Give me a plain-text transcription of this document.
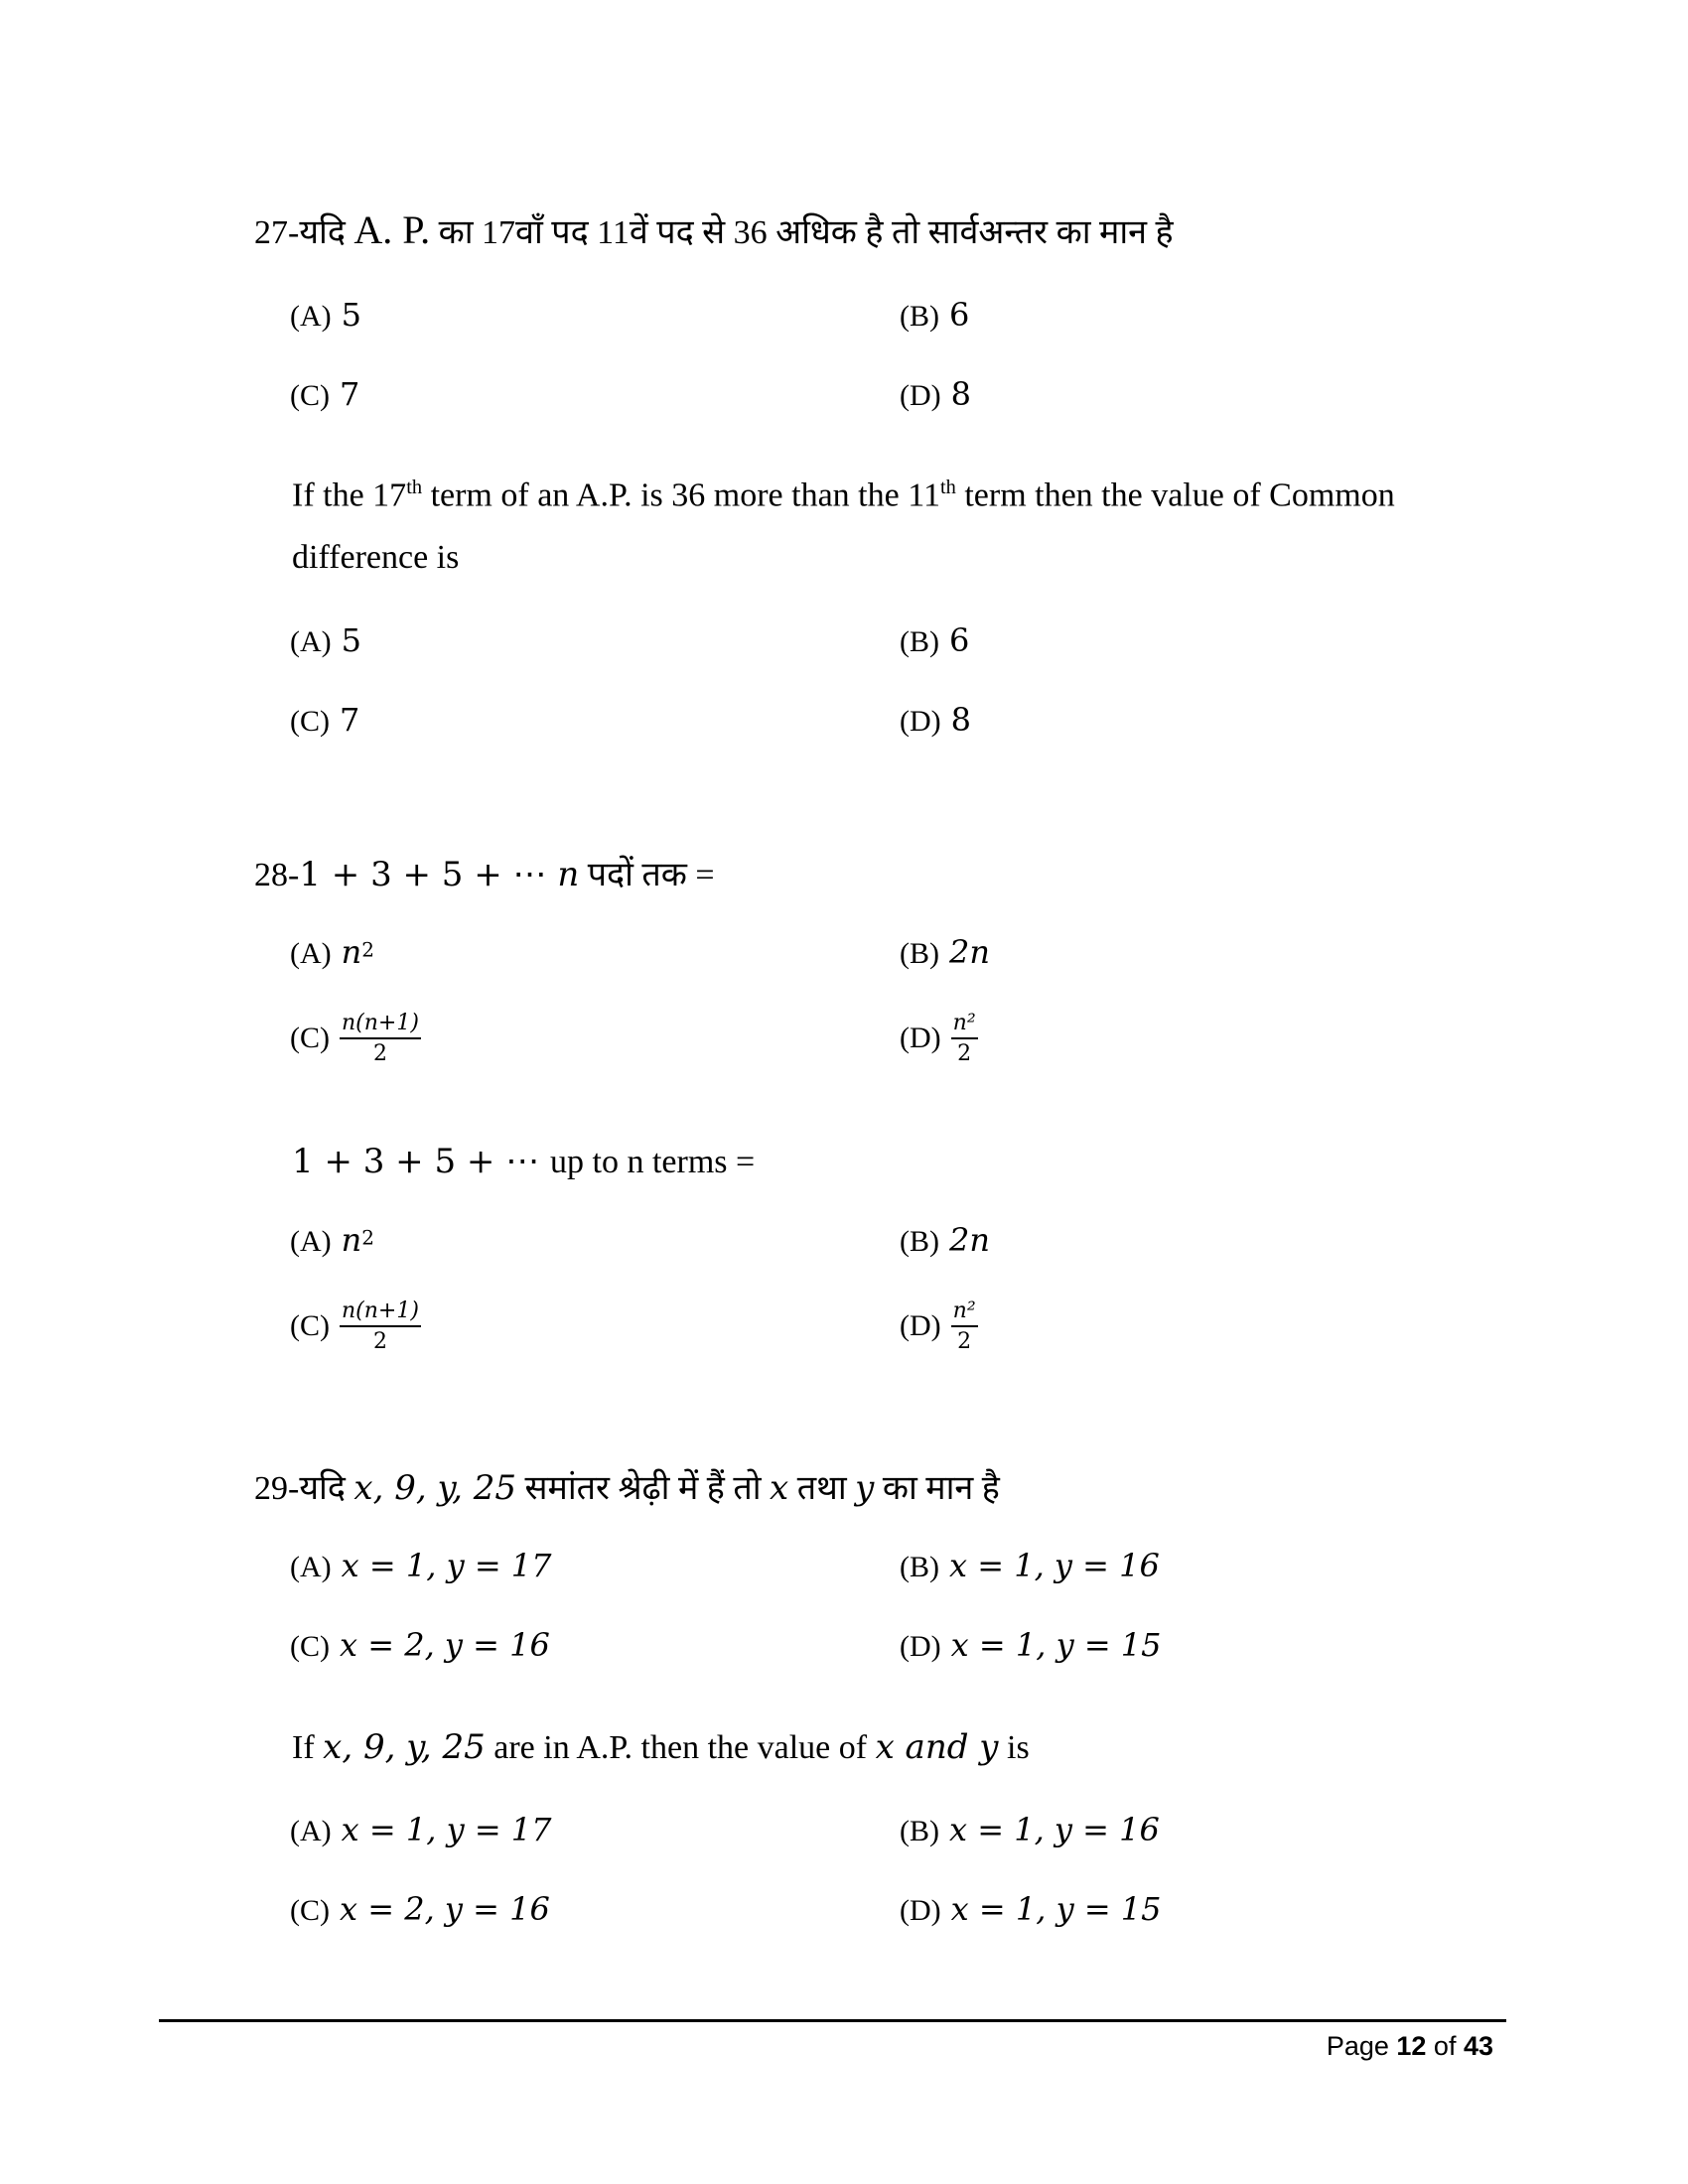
27-यदि A. P. का 17वाँ पद 11वें पद से 36 अधिक है तो सार्वअन्तर का मान है
(A) 5	(B) 6
(C) 7	(D) 8
If the 17th term of an A.P. is 36 more than the 11th term then the value of Common
difference is
(A) 5	(B) 6
(C) 7	(D) 8
28-1 + 3 + 5 + ⋯ n पदों तक =
(A) $n^2$	(B) 2n
$(C) \frac{n(n+1)}{2}$	$(D) \frac{\text{n²}}{2}$
1 + 3 + 5 + ⋯ up to n terms =
(A) $n^2$	(B) 2n
$(C) \frac{n(n+1)}{2}$	$(D) \frac{\text{n²}}{2}$
29-यदि x, 9, y, 25 समांतर श्रेढ़ी में हैं तो x तथा y का मान है
(A) x = 1, y = 17	(B) x = 1, y = 16
(C) x = 2, y = 16	(D) x = 1, y = 15
If x, 9, y, 25 are in A.P. then the value of x and y is
(A) x = 1, y = 17	(B) x = 1, y = 16
(C) x = 2, y = 16	(D) x = 1, y = 15
Page 12 of 43
